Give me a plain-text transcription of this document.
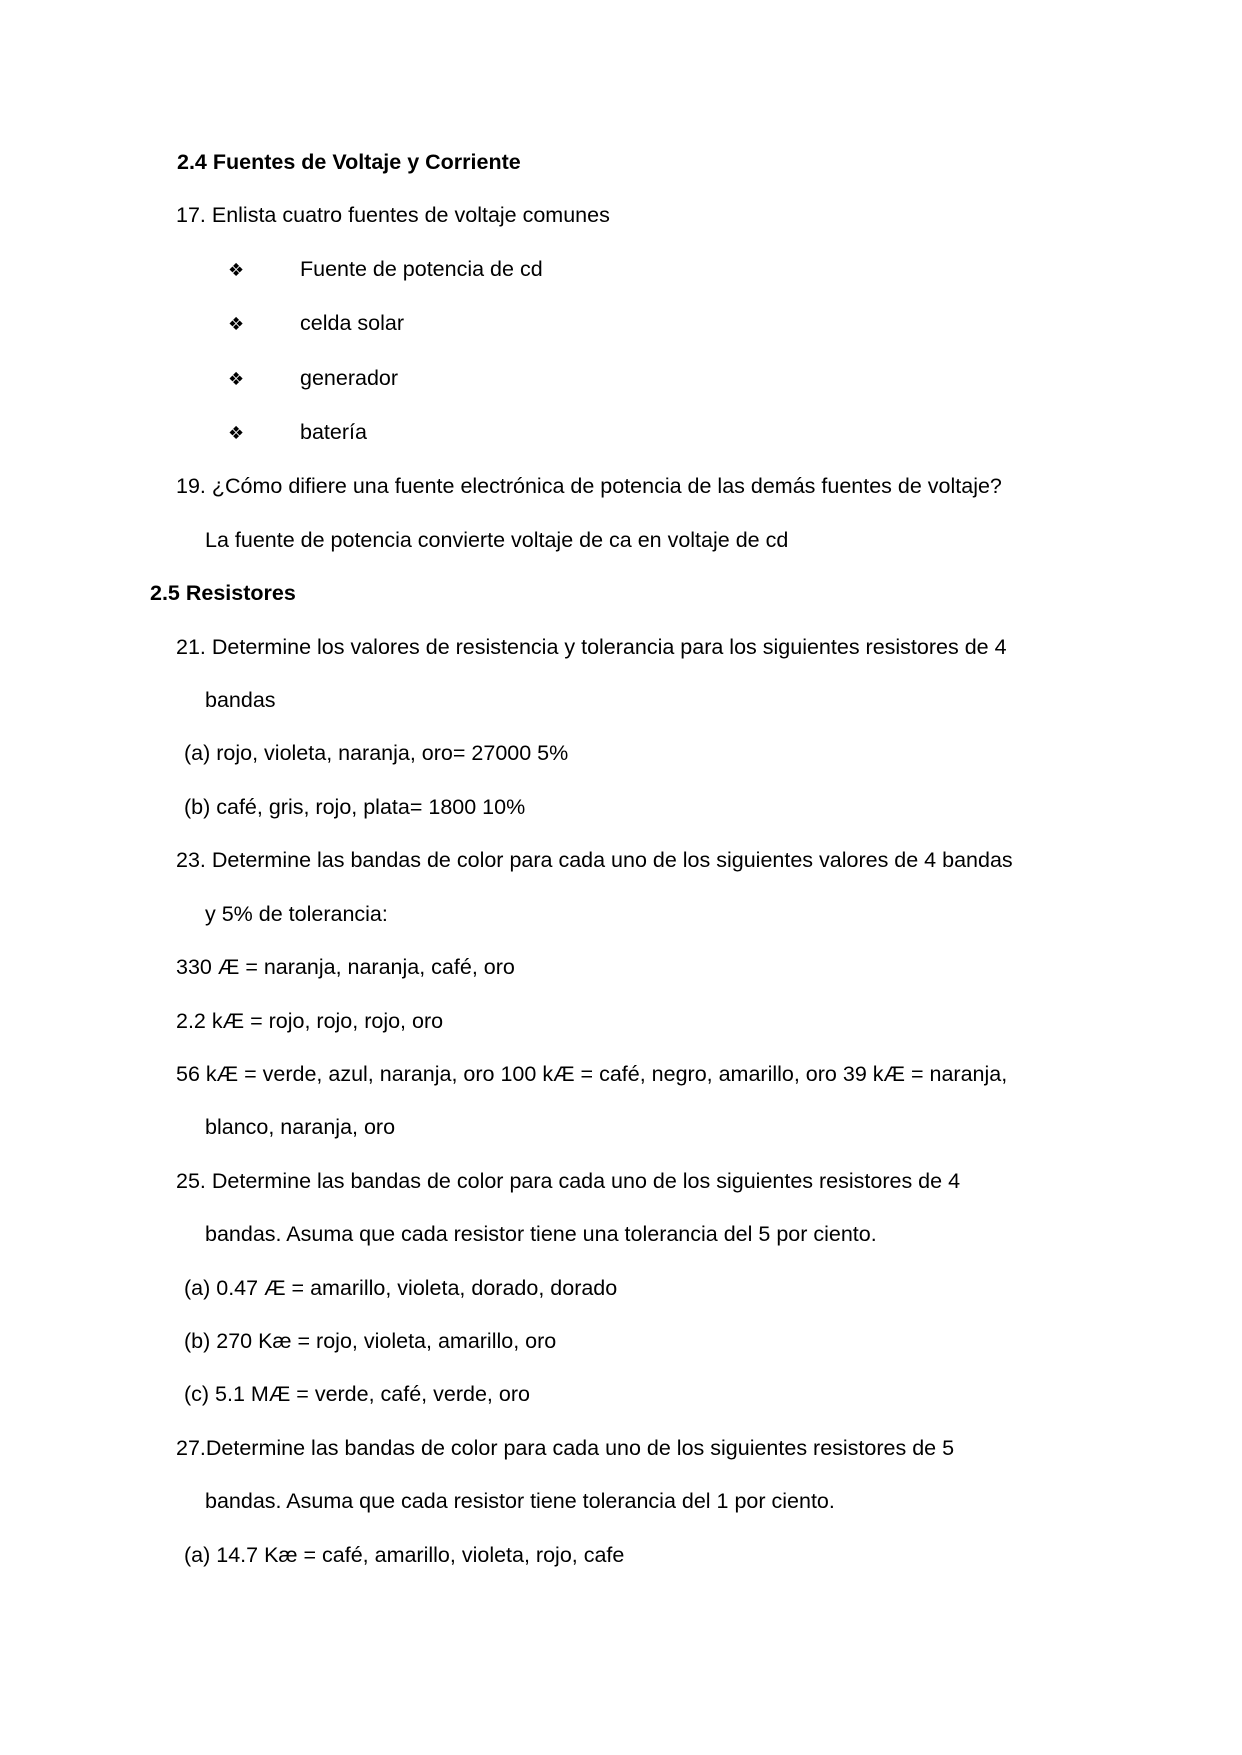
2.4 Fuentes de Voltaje y Corriente
17. Enlista cuatro fuentes de voltaje comunes
❖	Fuente de potencia de cd
❖	celda solar
❖	generador
❖	batería
19. ¿Cómo difiere una fuente electrónica de potencia de las demás fuentes de voltaje?
La fuente de potencia convierte voltaje de ca en voltaje de cd
2.5 Resistores
21. Determine los valores de resistencia y tolerancia para los siguientes resistores de 4
bandas
(a) rojo, violeta, naranja, oro= 27000 5%
(b) café, gris, rojo, plata= 1800 10%
23. Determine las bandas de color para cada uno de los siguientes valores de 4 bandas
y 5% de tolerancia:
330 Æ = naranja, naranja, café, oro
2.2 kÆ = rojo, rojo, rojo, oro
56 kÆ = verde, azul, naranja, oro 100 kÆ = café, negro, amarillo, oro 39 kÆ = naranja,
blanco, naranja, oro
25. Determine las bandas de color para cada uno de los siguientes resistores de 4
bandas. Asuma que cada resistor tiene una tolerancia del 5 por ciento.
(a) 0.47 Æ = amarillo, violeta, dorado, dorado
(b) 270 Kæ = rojo, violeta, amarillo, oro
(c) 5.1 MÆ = verde, café, verde, oro
27.Determine las bandas de color para cada uno de los siguientes resistores de 5
bandas. Asuma que cada resistor tiene tolerancia del 1 por ciento.
(a) 14.7 Kæ = café, amarillo, violeta, rojo, cafe
